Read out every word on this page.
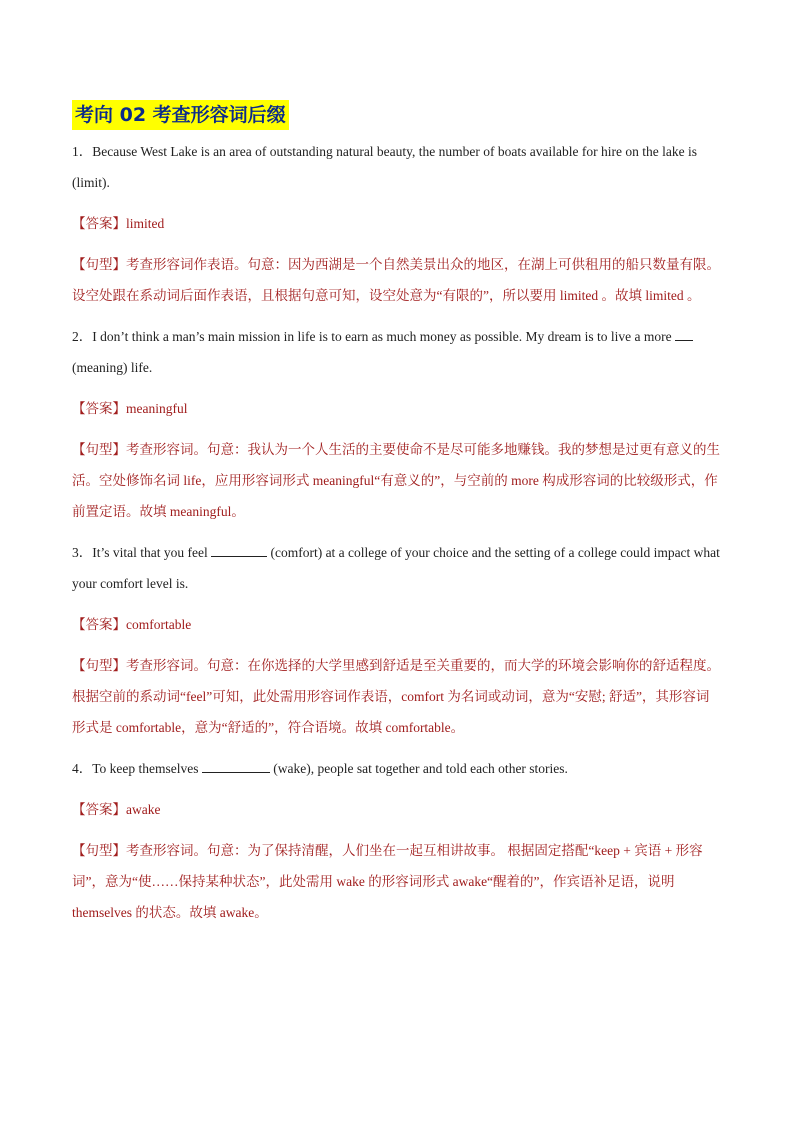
考向 02 考查形容词后缀

1．Because West Lake is an area of outstanding natural beauty, the number of boats available for hire on the lake is (limit).

【答案】limited

【句型】考查形容词作表语。句意：因为西湖是一个自然美景出众的地区，在湖上可供租用的船只数量有限。设空处跟在系动词后面作表语，且根据句意可知，设空处意为“有限的”，所以要用 limited 。故填 limited 。

2．I don’t think a man’s main mission in life is to earn as much money as possible. My dream is to live a more  (meaning) life.

【答案】meaningful

【句型】考查形容词。句意：我认为一个人生活的主要使命不是尽可能多地赚钱。我的梦想是过更有意义的生活。空处修饰名词 life，应用形容词形式 meaningful“有意义的”，与空前的 more 构成形容词的比较级形式，作前置定语。故填 meaningful。

3．It’s vital that you feel	(comfort) at a college of your choice and the setting of a college could impact what your comfort level is.

【答案】comfortable

【句型】考查形容词。句意：在你选择的大学里感到舒适是至关重要的，而大学的环境会影响你的舒适程度。根据空前的系动词“feel”可知，此处需用形容词作表语，comfort 为名词或动词，意为“安慰; 舒适”，其形容词形式是 comfortable，意为“舒适的”，符合语境。故填 comfortable。

4．To keep themselves	(wake), people sat together and told each other stories.

【答案】awake

【句型】考查形容词。句意：为了保持清醒，人们坐在一起互相讲故事。 根据固定搭配“keep + 宾语 + 形容词”，意为“使……保持某种状态”，此处需用 wake 的形容词形式 awake“醒着的”，作宾语补足语，说明 themselves 的状态。故填 awake。
